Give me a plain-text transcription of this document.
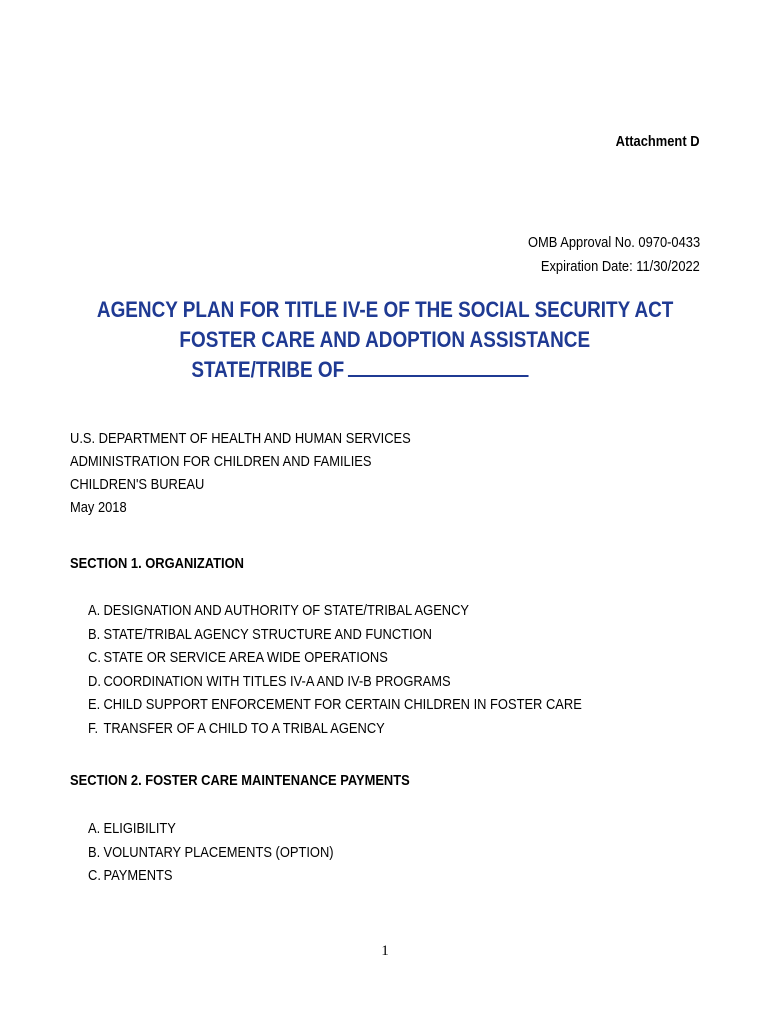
Attachment D
OMB Approval No. 0970-0433
Expiration Date: 11/30/2022
AGENCY PLAN FOR TITLE IV-E OF THE SOCIAL SECURITY ACT
FOSTER CARE AND ADOPTION ASSISTANCE
STATE/TRIBE OF
U.S. DEPARTMENT OF HEALTH AND HUMAN SERVICES
ADMINISTRATION FOR CHILDREN AND FAMILIES
CHILDREN'S BUREAU
May 2018
SECTION 1. ORGANIZATION
A. DESIGNATION AND AUTHORITY OF STATE/TRIBAL AGENCY
B. STATE/TRIBAL AGENCY STRUCTURE AND FUNCTION
C. STATE OR SERVICE AREA WIDE OPERATIONS
D. COORDINATION WITH TITLES IV-A AND IV-B PROGRAMS
E. CHILD SUPPORT ENFORCEMENT FOR CERTAIN CHILDREN IN FOSTER CARE
F. TRANSFER OF A CHILD TO A TRIBAL AGENCY
SECTION 2. FOSTER CARE MAINTENANCE PAYMENTS
A. ELIGIBILITY
B. VOLUNTARY PLACEMENTS (OPTION)
C. PAYMENTS
1
